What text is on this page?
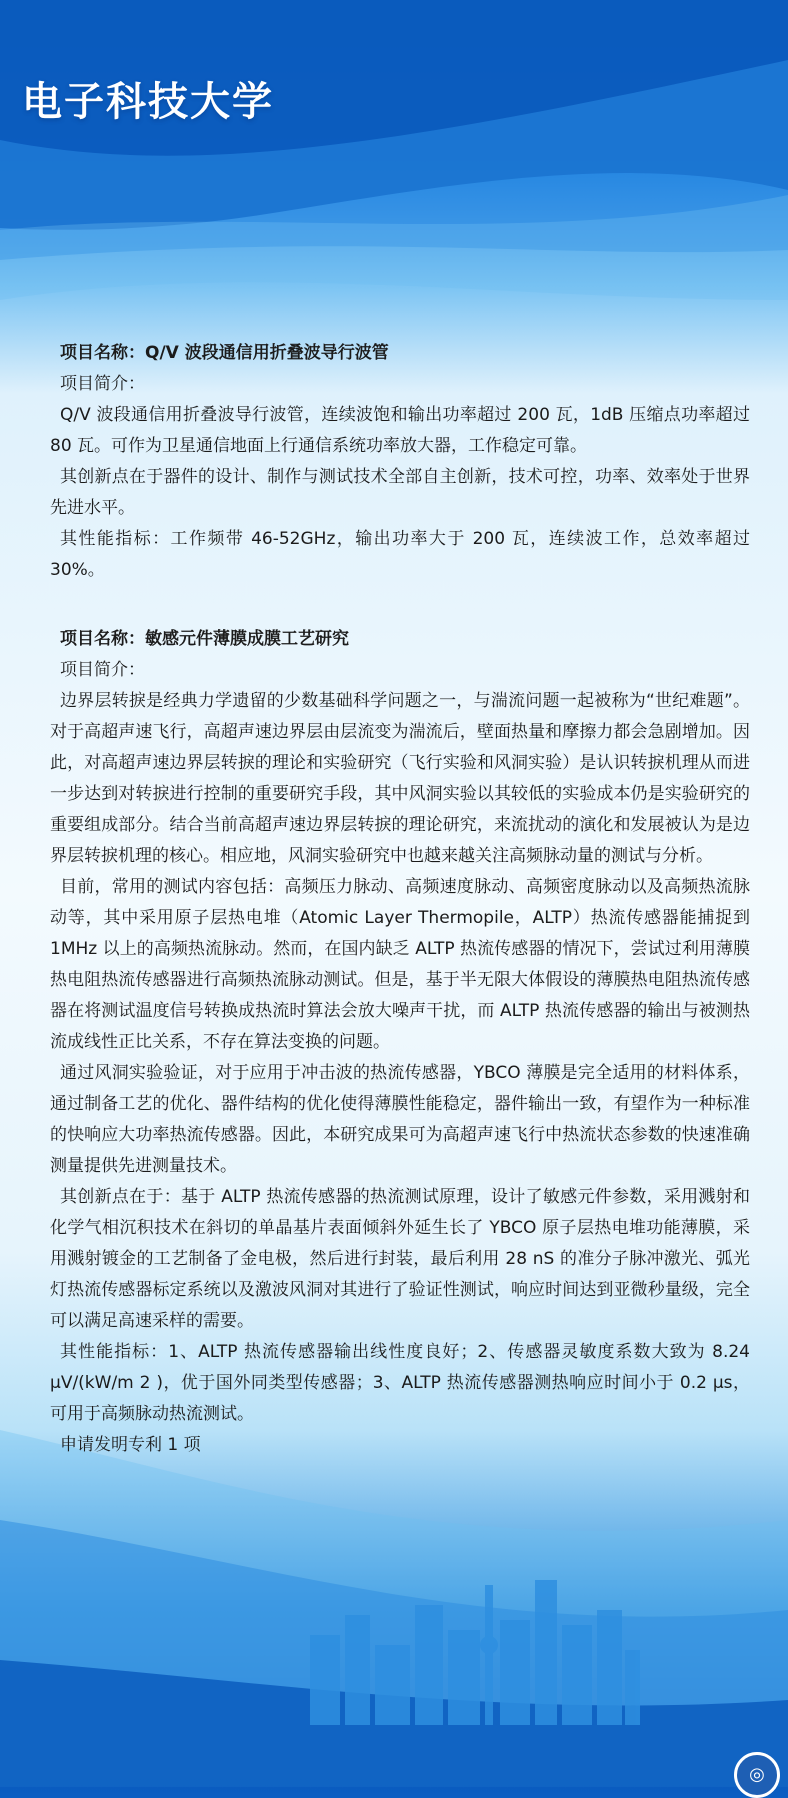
电子科技大学

项目名称：Q/V 波段通信用折叠波导行波管

项目简介：

Q/V 波段通信用折叠波导行波管，连续波饱和输出功率超过 200 瓦，1dB 压缩点功率超过 80 瓦。可作为卫星通信地面上行通信系统功率放大器，工作稳定可靠。

其创新点在于器件的设计、制作与测试技术全部自主创新，技术可控，功率、效率处于世界先进水平。

其性能指标：工作频带 46-52GHz，输出功率大于 200 瓦，连续波工作，总效率超过 30%。

项目名称：敏感元件薄膜成膜工艺研究

项目简介：

边界层转捩是经典力学遗留的少数基础科学问题之一，与湍流问题一起被称为“世纪难题”。对于高超声速飞行，高超声速边界层由层流变为湍流后，壁面热量和摩擦力都会急剧增加。因此，对高超声速边界层转捩的理论和实验研究（飞行实验和风洞实验）是认识转捩机理从而进一步达到对转捩进行控制的重要研究手段，其中风洞实验以其较低的实验成本仍是实验研究的重要组成部分。结合当前高超声速边界层转捩的理论研究，来流扰动的演化和发展被认为是边界层转捩机理的核心。相应地，风洞实验研究中也越来越关注高频脉动量的测试与分析。

目前，常用的测试内容包括：高频压力脉动、高频速度脉动、高频密度脉动以及高频热流脉动等，其中采用原子层热电堆（Atomic Layer Thermopile，ALTP）热流传感器能捕捉到 1MHz 以上的高频热流脉动。然而，在国内缺乏 ALTP 热流传感器的情况下，尝试过利用薄膜热电阻热流传感器进行高频热流脉动测试。但是，基于半无限大体假设的薄膜热电阻热流传感器在将测试温度信号转换成热流时算法会放大噪声干扰，而 ALTP 热流传感器的输出与被测热流成线性正比关系，不存在算法变换的问题。

通过风洞实验验证，对于应用于冲击波的热流传感器，YBCO 薄膜是完全适用的材料体系，通过制备工艺的优化、器件结构的优化使得薄膜性能稳定，器件输出一致，有望作为一种标准的快响应大功率热流传感器。因此，本研究成果可为高超声速飞行中热流状态参数的快速准确测量提供先进测量技术。

其创新点在于：基于 ALTP 热流传感器的热流测试原理，设计了敏感元件参数，采用溅射和化学气相沉积技术在斜切的单晶基片表面倾斜外延生长了 YBCO 原子层热电堆功能薄膜，采用溅射镀金的工艺制备了金电极，然后进行封装，最后利用 28 nS 的准分子脉冲激光、弧光灯热流传感器标定系统以及激波风洞对其进行了验证性测试，响应时间达到亚微秒量级，完全可以满足高速采样的需要。

其性能指标：1、ALTP 热流传感器输出线性度良好；2、传感器灵敏度系数大致为 8.24 μV/(kW/m 2 )，优于国外同类型传感器；3、ALTP 热流传感器测热响应时间小于 0.2 μs，可用于高频脉动热流测试。

申请发明专利 1 项

◎
